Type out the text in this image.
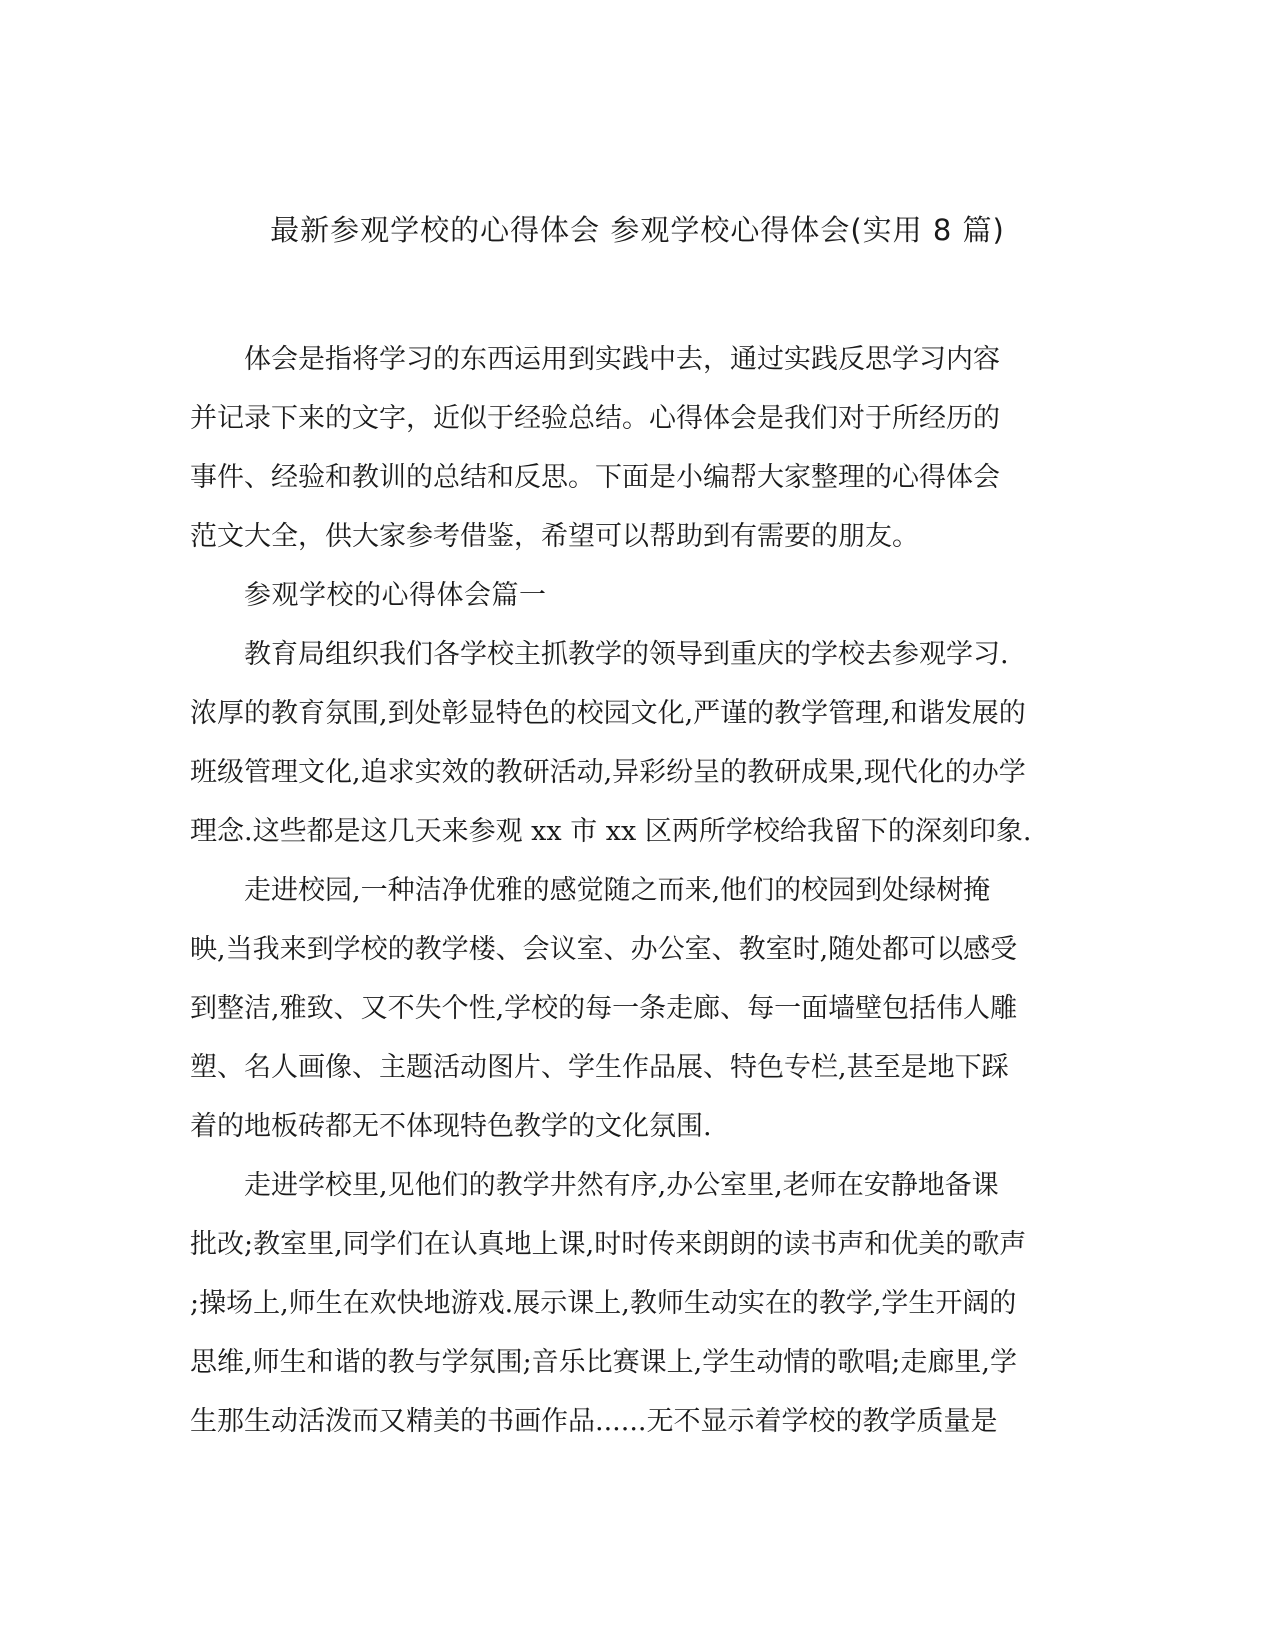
最新参观学校的心得体会 参观学校心得体会(实用 8 篇)

体会是指将学习的东西运用到实践中去，通过实践反思学习内容
并记录下来的文字，近似于经验总结。心得体会是我们对于所经历的
事件、经验和教训的总结和反思。下面是小编帮大家整理的心得体会
范文大全，供大家参考借鉴，希望可以帮助到有需要的朋友。

参观学校的心得体会篇一

教育局组织我们各学校主抓教学的领导到重庆的学校去参观学习.
浓厚的教育氛围,到处彰显特色的校园文化,严谨的教学管理,和谐发展的
班级管理文化,追求实效的教研活动,异彩纷呈的教研成果,现代化的办学
理念.这些都是这几天来参观 xx 市 xx 区两所学校给我留下的深刻印象.

走进校园,一种洁净优雅的感觉随之而来,他们的校园到处绿树掩
映,当我来到学校的教学楼、会议室、办公室、教室时,随处都可以感受
到整洁,雅致、又不失个性,学校的每一条走廊、每一面墙壁包括伟人雕
塑、名人画像、主题活动图片、学生作品展、特色专栏,甚至是地下踩
着的地板砖都无不体现特色教学的文化氛围.

走进学校里,见他们的教学井然有序,办公室里,老师在安静地备课
批改;教室里,同学们在认真地上课,时时传来朗朗的读书声和优美的歌声
;操场上,师生在欢快地游戏.展示课上,教师生动实在的教学,学生开阔的
思维,师生和谐的教与学氛围;音乐比赛课上,学生动情的歌唱;走廊里,学
生那生动活泼而又精美的书画作品......无不显示着学校的教学质量是
